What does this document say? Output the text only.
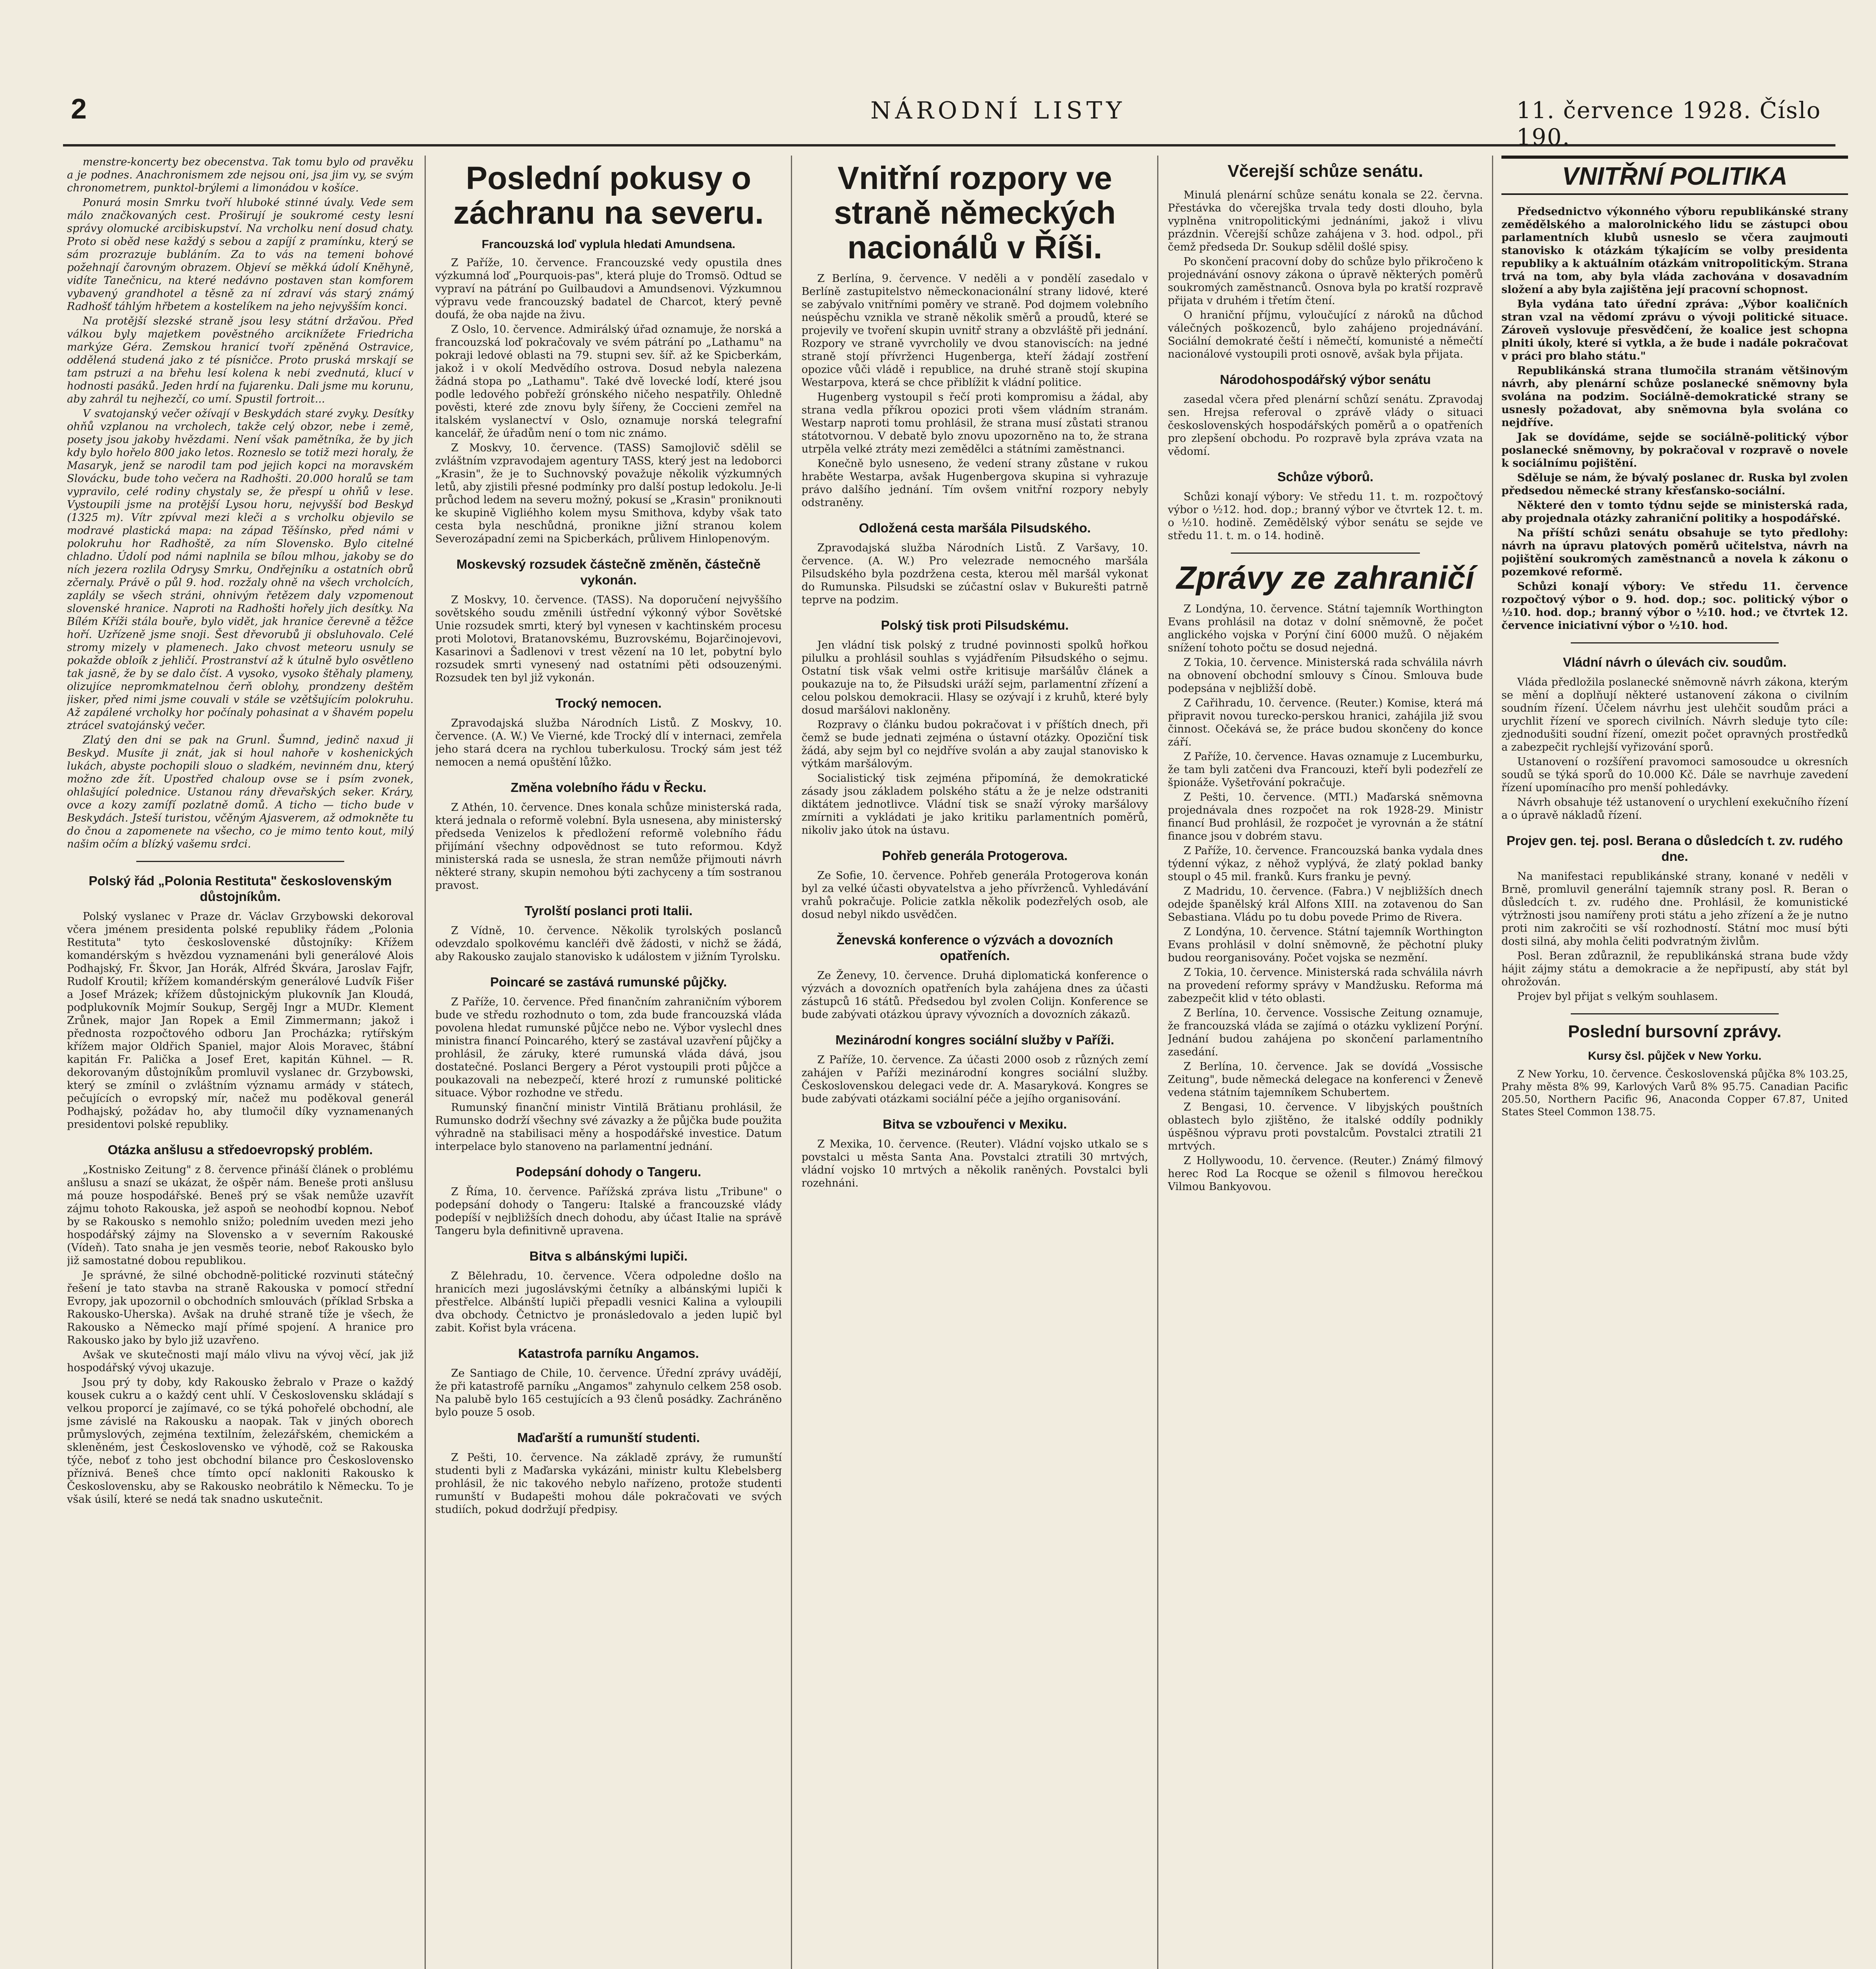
2	NÁRODNÍ LISTY	11. července 1928. Číslo 190.

menstre-koncerty bez obecenstva. Tak tomu bylo od pravěku a je podnes. Anachronismem zde nejsou oni, jsa jim vy, se svým chronometrem, punktol-brýlemi a limonádou v košíce.

Ponurá mosin Smrku tvoří hluboké stinné úvaly. Vede sem málo značkovaných cest. Proširují je soukromé cesty lesní správy olomucké arcibiskupství. Na vrcholku není dosud chaty. Proto si oběd nese každý s sebou a zapíjí z pramínku, který se sám prozrazuje bubláním. Za to vás na temeni bohové požehnají čarovným obrazem. Objeví se měkká údolí Kněhyně, vidíte Tanečnicu, na které nedávno postaven stan komforem vybavený grandhotel a těsně za ní zdraví vás starý známý Radhošť táhlým hřbetem a kostelíkem na jeho nejvyšším konci.

Na protější slezské straně jsou lesy státní držav̌ou. Před válkou byly majetkem pověstného arciknížete Friedricha markýze Géra. Zemskou hranicí tvoří zpěněná Ostravice, oddělená studená jako z té písničce. Proto pruská mrskají se tam pstruzi a na břehu lesí kolena k nebi zvednutá, klucí v hodnosti pasáků. Jeden hrdí na fujarenku. Dali jsme mu korunu, aby zahrál tu nejhezčí, co umí. Spustil fortroit...

V svatojanský večer ožívají v Beskydách staré zvyky. Desítky ohňů vzplanou na vrcholech, takže celý obzor, nebe i země, posety jsou jakoby hvězdami. Není však pamětníka, že by jich kdy bylo hořelo 800 jako letos. Rozneslo se totiž mezi horaly, že Masaryk, jenž se narodil tam pod jejich kopci na moravském Slovácku, bude toho večera na Radhošti. 20.000 horalů se tam vypravilo, celé rodiny chystaly se, že přespí u ohňů v lese. Vystoupili jsme na protější Lysou horu, nejvyšší bod Beskyd (1325 m). Vítr zpívval mezi kleči a s vrcholku objevilo se modravé plastická mapa: na západ Těšínsko, před námi v polokruhu hor Radhoště, za ním Slovensko. Bylo citelné chladno. Údolí pod námi naplnila se bílou mlhou, jakoby se do ních jezera rozlila Odrysy Smrku, Ondřejníku a ostatních obrů zčernaly. Právě o půl 9. hod. rozžaly ohně na všech vrcholcích, zaplály se všech stráni, ohnivým řetězem daly vzpomenout slovenské hranice. Naproti na Radhošti hořely jich desítky. Na Bílém Kříži stála bouře, bylo vidět, jak hranice čerevně a těžce hoří. Uzřízeně jsme snoji. Šest dřevorubů ji obsluhovalo. Celé stromy mizely v plamenech. Jako chvost meteoru usnuly se pokažde obloík z jehličí. Prostranství až k útulně bylo osvětleno tak jasně, že by se dalo číst. A vysoko, vysoko štěhaly plameny, olizujíce nepromkmatelnou čerň oblohy, prondzeny deštěm jisker, před nimi jsme couvali v stále se vzětšujícím polokruhu. Až zapálené vrcholky hor počínaly pohasinat a v šhavém popelu ztrácel svatojánský večer.

Zlatý den dni se pak na Grunl. Šumnd, jedinč naxud ji Beskyd. Musíte ji znát, jak si houl nahoře v koshenických lukách, abyste pochopili slouo o sladkém, nevinném dnu, který možno zde žít. Upostřed chaloup ovse se i psím zvonek, ohlašující polednice. Ustanou rány dřevařských seker. Kráry, ovce a kozy zamífí pozlatně domů. A ticho — ticho bude v Beskydách. Jsteší turistou, včěným Ajasverem, až odmokněte tu do čnou a zapomenete na všecho, co je mimo tento kout, milý našim očím a blízký vašemu srdci.

Polský řád „Polonia Restituta" československým důstojníkům.

Polský vyslanec v Praze dr. Václav Grzybowski dekoroval včera jménem presidenta polské republiky řádem „Polonia Restituta" tyto československé důstojníky: Křížem komandérským s hvězdou vyznamenáni byli generálové Alois Podhajský, Fr. Škvor, Jan Horák, Alfréd Škvára, Jaroslav Fajfr, Rudolf Kroutil; křížem komandérským generálové Ludvík Fišer a Josef Mrázek; křížem důstojnickým plukovník Jan Kloudá, podplukovník Mojmír Soukup, Sergěj Ingr a MUDr. Klement Zrůnek, major Jan Ropek a Emil Zimmermann; jakož i přednosta rozpočtového odboru Jan Procházka; rytířským křížem major Oldřich Spaniel, major Alois Moravec, štábní kapitán Fr. Palička a Josef Eret, kapitán Kühnel. — R. dekorovaným důstojníkům promluvil vyslanec dr. Grzybowski, který se zmínil o zvláštním významu armády v státech, pečujících o evropský mír, načež mu poděkoval generál Podhajský, požádav ho, aby tlumočil díky vyznamenaných presidentovi polské republiky.

Otázka anšlusu a středoevropský problém.

„Kostnisko Zeitung" z 8. července přináší článek o problému anšlusu a snazí se ukázat, že ošpěr nám. Beneše proti anšlusu má pouze hospodářské. Beneš prý se však nemůže uzavřít zájmu tohoto Rakouska, jež aspoň se neohodbí kopnou. Neboť by se Rakousko s nemohlo snižo; poledním uveden mezi jeho hospodářský zájmy na Slovensko a v severním Rakouské (Vídeň). Tato snaha je jen vesměs teorie, neboť Rakousko bylo již samostatné dobou republikou.

Je správné, že silné obchodně-politické rozvinuti státečný řešení je tato stavba na straně Rakouska v pomocí střední Evropy, jak upozornil o obchodních smlouvách (příklad Srbska a Rakousko-Uherska). Avšak na druhé straně tíže je všech, že Rakousko a Německo mají přímé spojení. A hranice pro Rakousko jako by bylo již uzavřeno.

Avšak ve skutečnosti mají málo vlivu na vývoj věcí, jak již hospodářský vývoj ukazuje.

Jsou prý ty doby, kdy Rakousko žebralo v Praze o každý kousek cukru a o každý cent uhlí. V Československu skládají s velkou proporcí je zajímavé, co se týká pohořelé obchodní, ale jsme závislé na Rakousku a naopak. Tak v jiných oborech průmyslových, zejména textilním, železářském, chemickém a skleněném, jest Československo ve výhodě, což se Rakouska týče, neboť z toho jest obchodní bilance pro Československo příznivá. Beneš chce tímto opcí nakloniti Rakousko k Československu, aby se Rakousko neobrátilo k Německu. To je však úsilí, které se nedá tak snadno uskutečnit.

Poslední pokusy o záchranu na severu.
Francouzská loď vyplula hledati Amundsena.

Z Paříže, 10. července. Francouzské vedy opustila dnes výzkumná loď „Pourquois-pas", která pluje do Tromsö. Odtud se vypraví na pátrání po Guilbaudovi a Amundsenovi. Výzkumnou výpravu vede francouzský badatel de Charcot, který pevně doufá, že oba najde na živu.

Z Oslo, 10. července. Admirálský úřad oznamuje, že norská a francouzská loď pokračovaly ve svém pátrání po „Lathamu" na pokraji ledové oblasti na 79. stupni sev. šíř. až ke Spicberkám, jakož i v okolí Medvědího ostrova. Dosud nebyla nalezena žádná stopa po „Lathamu". Také dvě lovecké lodí, které jsou podle ledového pobřeží grónského ničeho nespatřily. Ohledně pověsti, které zde znovu byly šířeny, že Coccieni zemřel na italském vyslanectví v Oslo, oznamuje norská telegrafní kancelář, že úřadům není o tom nic známo.

Z Moskvy, 10. července. (TASS) Samojlovič sdělil se zvláštním vzpravodajem agentury TASS, který jest na ledoborci „Krasin", že je to Suchnovský považuje několik výzkumných letů, aby zjistili přesné podmínky pro další postup ledokolu. Je-li průchod ledem na severu možný, pokusí se „Krasin" proniknouti ke skupině Vigliéhho kolem mysu Smithova, kdyby však tato cesta byla neschůdná, pronikne jižní stranou kolem Severozápadní zemi na Spicberkách, průlivem Hinlopenovým.

Moskevský rozsudek částečně změněn, částečně vykonán.

Z Moskvy, 10. července. (TASS). Na doporučení nejvyššího sovětského soudu změnili ústřední výkonný výbor Sovětské Unie rozsudek smrti, který byl vynesen v kachtinském procesu proti Molotovi, Bratanovskému, Buzrovskému, Bojarčinojevovi, Kasarinovi a Šadlenovi v trest vězení na 10 let, pobytní bylo rozsudek smrti vynesený nad ostatními pěti odsouzenými. Rozsudek ten byl již vykonán.

Trocký nemocen.

Zpravodajská služba Národních Listů. Z Moskvy, 10. července. (A. W.) Ve Vierné, kde Trocký dlí v internaci, zemřela jeho stará dcera na rychlou tuberkulosu. Trocký sám jest též nemocen a nemá opuštění lůžko.

Změna volebního řádu v Řecku.

Z Athén, 10. července. Dnes konala schůze ministerská rada, která jednala o reformě volební. Byla usnesena, aby ministerský předseda Venizelos k předložení reformě volebního řádu přijímání všechny odpovědnost se tuto reformou. Když ministerská rada se usnesla, že stran nemůže přijmouti návrh některé strany, skupin nemohou býti zachyceny a tím sostranou pravost.

Tyrolští poslanci proti Italii.

Z Vídně, 10. července. Několik tyrolských poslanců odevzdalo spolkovému kancléři dvě žádosti, v nichž se žádá, aby Rakousko zaujalo stanovisko k událostem v jižním Tyrolsku.

Poincaré se zastává rumunské půjčky.

Z Paříže, 10. července. Před finančním zahraničním výborem bude ve středu rozhodnuto o tom, zda bude francouzská vláda povolena hledat rumunské půjčce nebo ne. Výbor vyslechl dnes ministra financí Poincarého, který se zastával uzavření půjčky a prohlásil, že záruky, které rumunská vláda dává, jsou dostatečné. Poslanci Bergery a Pérot vystoupili proti půjčce a poukazovali na nebezpečí, které hrozí z rumunské politické situace. Výbor rozhodne ve středu.

Rumunský finanční ministr Vintilă Brătianu prohlásil, že Rumunsko dodrží všechny své závazky a že půjčka bude použita výhradně na stabilisaci měny a hospodářské investice. Datum interpelace bylo stanoveno na parlamentní jednání.

Podepsání dohody o Tangeru.

Z Říma, 10. července. Pařížská zpráva listu „Tribune" o podepsání dohody o Tangeru: Italské a francouzské vlády podepíší v nejbližších dnech dohodu, aby účast Italie na správě Tangeru byla definitivně upravena.

Bitva s albánskými lupiči.

Z Bělehradu, 10. července. Včera odpoledne došlo na hranicích mezi jugoslávskými četníky a albánskými lupiči k přestřelce. Albánští lupiči přepadli vesnici Kalina a vyloupili dva obchody. Četnictvo je pronásledovalo a jeden lupič byl zabit. Kořist byla vrácena.

Katastrofa parníku Angamos.

Ze Santiago de Chile, 10. července. Úřední zprávy uvádějí, že při katastrofě parníku „Angamos" zahynulo celkem 258 osob. Na palubě bylo 165 cestujících a 93 členů posádky. Zachráněno bylo pouze 5 osob.

Maďarští a rumunští studenti.

Z Pešti, 10. července. Na základě zprávy, že rumunští studenti byli z Maďarska vykázáni, ministr kultu Klebelsberg prohlásil, že nic takového nebylo nařízeno, protože studenti rumunští v Budapešti mohou dále pokračovati ve svých studiích, pokud dodržují předpisy.

Vnitřní rozpory ve straně německých nacionálů v Říši.

Z Berlína, 9. července. V neděli a v pondělí zasedalo v Berlíně zastupitelstvo německonacionální strany lidové, které se zabývalo vnitřními poměry ve straně. Pod dojmem volebního neúspěchu vznikla ve straně několik směrů a proudů, které se projevily ve tvoření skupin uvnitř strany a obzvláště při jednání. Rozpory ve straně vyvrcholily ve dvou stanoviscích: na jedné straně stojí přívrženci Hugenberga, kteří žádají zostření opozice vůči vládě i republice, na druhé straně stojí skupina Westarpova, která se chce přiblížit k vládní politice.

Hugenberg vystoupil s řečí proti kompromisu a žádal, aby strana vedla příkrou opozici proti všem vládním stranám. Westarp naproti tomu prohlásil, že strana musí zůstati stranou státotvornou. V debatě bylo znovu upozorněno na to, že strana utrpěla velké ztráty mezi zemědělci a státními zaměstnanci.

Konečně bylo usneseno, že vedení strany zůstane v rukou hraběte Westarpa, avšak Hugenbergova skupina si vyhrazuje právo dalšího jednání. Tím ovšem vnitřní rozpory nebyly odstraněny.

Odložená cesta maršála Pilsudského.

Zpravodajská služba Národních Listů. Z Varšavy, 10. července. (A. W.) Pro velezrade nemocného maršála Pilsudského byla pozdržena cesta, kterou měl maršál vykonat do Rumunska. Pilsudski se zúčastní oslav v Bukurešti patrně teprve na podzim.

Polský tisk proti Pilsudskému.

Jen vládní tisk polský z trudné povinnosti spolků hořkou pilulku a prohlásil souhlas s vyjádřením Piłsudského o sejmu. Ostatní tisk však velmi ostře kritisuje maršálův článek a poukazuje na to, že Piłsudski uráží sejm, parlamentní zřízení a celou polskou demokracii. Hlasy se ozývají i z kruhů, které byly dosud maršálovi nakloněny.

Rozpravy o článku budou pokračovat i v příštích dnech, při čemž se bude jednati zejména o ústavní otázky. Opoziční tisk žádá, aby sejm byl co nejdříve svolán a aby zaujal stanovisko k výtkám maršálovým.

Socialistický tisk zejména připomíná, že demokratické zásady jsou základem polského státu a že je nelze odstraniti diktátem jednotlivce. Vládní tisk se snaží výroky maršálovy zmírniti a vykládati je jako kritiku parlamentních poměrů, nikoliv jako útok na ústavu.

Pohřeb generála Protogerova.

Ze Sofie, 10. července. Pohřeb generála Protogerova konán byl za velké účasti obyvatelstva a jeho přívrženců. Vyhledávání vrahů pokračuje. Policie zatkla několik podezřelých osob, ale dosud nebyl nikdo usvědčen.

Ženevská konference o výzvách a dovozních opatřeních.

Ze Ženevy, 10. července. Druhá diplomatická konference o výzvách a dovozních opatřeních byla zahájena dnes za účasti zástupců 16 států. Předsedou byl zvolen Colijn. Konference se bude zabývati otázkou úpravy vývozních a dovozních zákazů.

Mezinárodní kongres sociální služby v Paříži.

Z Paříže, 10. července. Za účasti 2000 osob z různých zemí zahájen v Paříži mezinárodní kongres sociální služby. Československou delegaci vede dr. A. Masaryková. Kongres se bude zabývati otázkami sociální péče a jejího organisování.

Bitva se vzbouřenci v Mexiku.

Z Mexika, 10. července. (Reuter). Vládní vojsko utkalo se s povstalci u města Santa Ana. Povstalci ztratili 30 mrtvých, vládní vojsko 10 mrtvých a několik raněných. Povstalci byli rozehnáni.

Včerejší schůze senátu.

Minulá plenární schůze senátu konala se 22. června. Přestávka do včerejška trvala tedy dosti dlouho, byla vyplněna vnitropolitickými jednáními, jakož i vlivu prázdnin. Včerejší schůze zahájena v 3. hod. odpol., při čemž předseda Dr. Soukup sdělil došlé spisy.

Po skončení pracovní doby do schůze bylo přikročeno k projednávání osnovy zákona o úpravě některých poměrů soukromých zaměstnanců. Osnova byla po kratší rozpravě přijata v druhém i třetím čtení.

O hraniční příjmu, vyloučující z nároků na důchod válečných poškozenců, bylo zahájeno projednávání. Sociální demokraté čeští i němečtí, komunisté a němečtí nacionálové vystoupili proti osnově, avšak byla přijata.

Národohospodářský výbor senátu

zasedal včera před plenární schůzí senátu. Zpravodaj sen. Hrejsa referoval o zprávě vlády o situaci československých hospodářských poměrů a o opatřeních pro zlepšení obchodu. Po rozpravě byla zpráva vzata na vědomí.

Schůze výborů.

Schůzi konají výbory: Ve středu 11. t. m. rozpočtový výbor o ½12. hod. dop.; branný výbor ve čtvrtek 12. t. m. o ½10. hodině. Zemědělský výbor senátu se sejde ve středu 11. t. m. o 14. hodině.

Zprávy ze zahraničí

Z Londýna, 10. července. Státní tajemník Worthington Evans prohlásil na dotaz v dolní sněmovně, že počet anglického vojska v Porýní činí 6000 mužů. O nějakém snížení tohoto počtu se dosud nejedná.

Z Tokia, 10. července. Ministerská rada schválila návrh na obnovení obchodní smlouvy s Čínou. Smlouva bude podepsána v nejbližší době.

Z Cařihradu, 10. července. (Reuter.) Komise, která má připravit novou turecko-perskou hranici, zahájila již svou činnost. Očekává se, že práce budou skončeny do konce září.

Z Paříže, 10. července. Havas oznamuje z Lucemburku, že tam byli zatčeni dva Francouzi, kteří byli podezřelí ze špionáže. Vyšetřování pokračuje.

Z Pešti, 10. července. (MTI.) Maďarská sněmovna projednávala dnes rozpočet na rok 1928-29. Ministr financí Bud prohlásil, že rozpočet je vyrovnán a že státní finance jsou v dobrém stavu.

Z Paříže, 10. července. Francouzská banka vydala dnes týdenní výkaz, z něhož vyplývá, že zlatý poklad banky stoupl o 45 mil. franků. Kurs franku je pevný.

Z Madridu, 10. července. (Fabra.) V nejbližších dnech odejde španělský král Alfons XIII. na zotavenou do San Sebastiana. Vládu po tu dobu povede Primo de Rivera.

Z Londýna, 10. července. Státní tajemník Worthington Evans prohlásil v dolní sněmovně, že pěchotní pluky budou reorganisovány. Počet vojska se nezmění.

Z Tokia, 10. července. Ministerská rada schválila návrh na provedení reformy správy v Mandžusku. Reforma má zabezpečit klid v této oblasti.

Z Berlína, 10. července. Vossische Zeitung oznamuje, že francouzská vláda se zajímá o otázku vyklizení Porýní. Jednání budou zahájena po skončení parlamentního zasedání.

Z Berlína, 10. července. Jak se dovídá „Vossische Zeitung", bude německá delegace na konferenci v Ženevě vedena státním tajemníkem Schubertem.

Z Bengasi, 10. července. V libyjských pouštních oblastech bylo zjištěno, že italské oddíly podnikly úspěšnou výpravu proti povstalcům. Povstalci ztratili 21 mrtvých.

Z Hollywoodu, 10. července. (Reuter.) Známý filmový herec Rod La Rocque se oženil s filmovou herečkou Vilmou Bankyovou.

VNITŘNÍ POLITIKA

Předsednictvo výkonného výboru republikánské strany zemědělského a malorolnického lidu se zástupci obou parlamentních klubů usneslo se včera zaujmouti stanovisko k otázkám týkajícím se volby presidenta republiky a k aktuálním otázkám vnitropolitickým. Strana trvá na tom, aby byla vláda zachována v dosavadním složení a aby byla zajištěna její pracovní schopnost.

Byla vydána tato úřední zpráva: „Výbor koaličních stran vzal na vědomí zprávu o vývoji politické situace. Zároveň vyslovuje přesvědčení, že koalice jest schopna plniti úkoly, které si vytkla, a že bude i nadále pokračovat v práci pro blaho státu."

Republikánská strana tlumočila stranám většinovým návrh, aby plenární schůze poslanecké sněmovny byla svolána na podzim. Sociálně-demokratické strany se usnesly požadovat, aby sněmovna byla svolána co nejdříve.

Jak se dovídáme, sejde se sociálně-politický výbor poslanecké sněmovny, by pokračoval v rozpravě o novele k sociálnímu pojištění.

Sděluje se nám, že bývalý poslanec dr. Ruska byl zvolen předsedou německé strany křesťansko-sociální.

Některé den v tomto týdnu sejde se ministerská rada, aby projednala otázky zahraniční politiky a hospodářské.

Na příští schůzi senátu obsahuje se tyto předlohy: návrh na úpravu platových poměrů učitelstva, návrh na pojištění soukromých zaměstnanců a novela k zákonu o pozemkové reformě.

Schůzi konají výbory: Ve středu 11. července rozpočtový výbor o 9. hod. dop.; soc. politický výbor o ½10. hod. dop.; branný výbor o ½10. hod.; ve čtvrtek 12. července iniciativní výbor o ½10. hod.

Vládní návrh o úlevách civ. soudům.

Vláda předložila poslanecké sněmovně návrh zákona, kterým se mění a doplňují některé ustanovení zákona o civilním soudním řízení. Účelem návrhu jest ulehčit soudům práci a urychlit řízení ve sporech civilních. Návrh sleduje tyto cíle: zjednodušiti soudní řízení, omezit počet opravných prostředků a zabezpečit rychlejší vyřizování sporů.

Ustanovení o rozšíření pravomoci samosoudce u okresních soudů se týká sporů do 10.000 Kč. Dále se navrhuje zavedení řízení upomínacího pro menší pohledávky.

Návrh obsahuje též ustanovení o urychlení exekučního řízení a o úpravě nákladů řízení.

Projev gen. tej. posl. Berana o důsledcích t. zv. rudého dne.

Na manifestaci republikánské strany, konané v neděli v Brně, promluvil generální tajemník strany posl. R. Beran o důsledcích t. zv. rudého dne. Prohlásil, že komunistické výtržnosti jsou namířeny proti státu a jeho zřízení a že je nutno proti nim zakročiti se vší rozhodností. Státní moc musí býti dosti silná, aby mohla čeliti podvratným živlům.

Posl. Beran zdůraznil, že republikánská strana bude vždy hájit zájmy státu a demokracie a že nepřipustí, aby stát byl ohrožován.

Projev byl přijat s velkým souhlasem.

Poslední bursovní zprávy.
Kursy čsl. půjček v New Yorku.

Z New Yorku, 10. července. Československá půjčka 8% 103.25, Prahy města 8% 99, Karlových Varů 8% 95.75. Canadian Pacific 205.50, Northern Pacific 96, Anaconda Copper 67.87, United States Steel Common 138.75.
